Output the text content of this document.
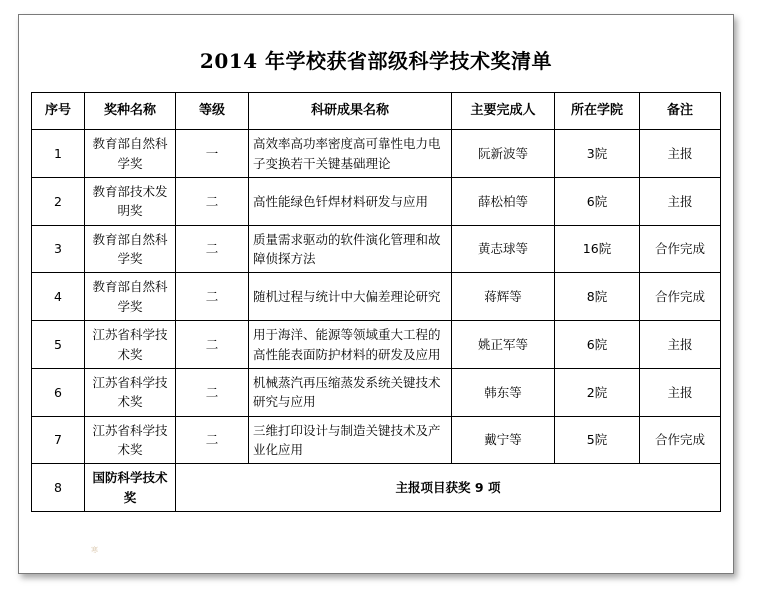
2014 年学校获省部级科学技术奖清单
序号	奖种名称	等级	科研成果名称	主要完成人	所在学院	备注
1	教育部自然科学奖	一	高效率高功率密度高可靠性电力电子变换若干关键基础理论	阮新波等	3院	主报
2	教育部技术发明奖	二	高性能绿色钎焊材料研发与应用	薛松柏等	6院	主报
3	教育部自然科学奖	二	质量需求驱动的软件演化管理和故障侦探方法	黄志球等	16院	合作完成
4	教育部自然科学奖	二	随机过程与统计中大偏差理论研究	蒋辉等	8院	合作完成
5	江苏省科学技术奖	二	用于海洋、能源等领域重大工程的高性能表面防护材料的研发及应用	姚正军等	6院	主报
6	江苏省科学技术奖	二	机械蒸汽再压缩蒸发系统关键技术研究与应用	韩东等	2院	主报
7	江苏省科学技术奖	二	三维打印设计与制造关键技术及产业化应用	戴宁等	5院	合作完成
8	国防科学技术奖	主报项目获奖 9 项				
寒
